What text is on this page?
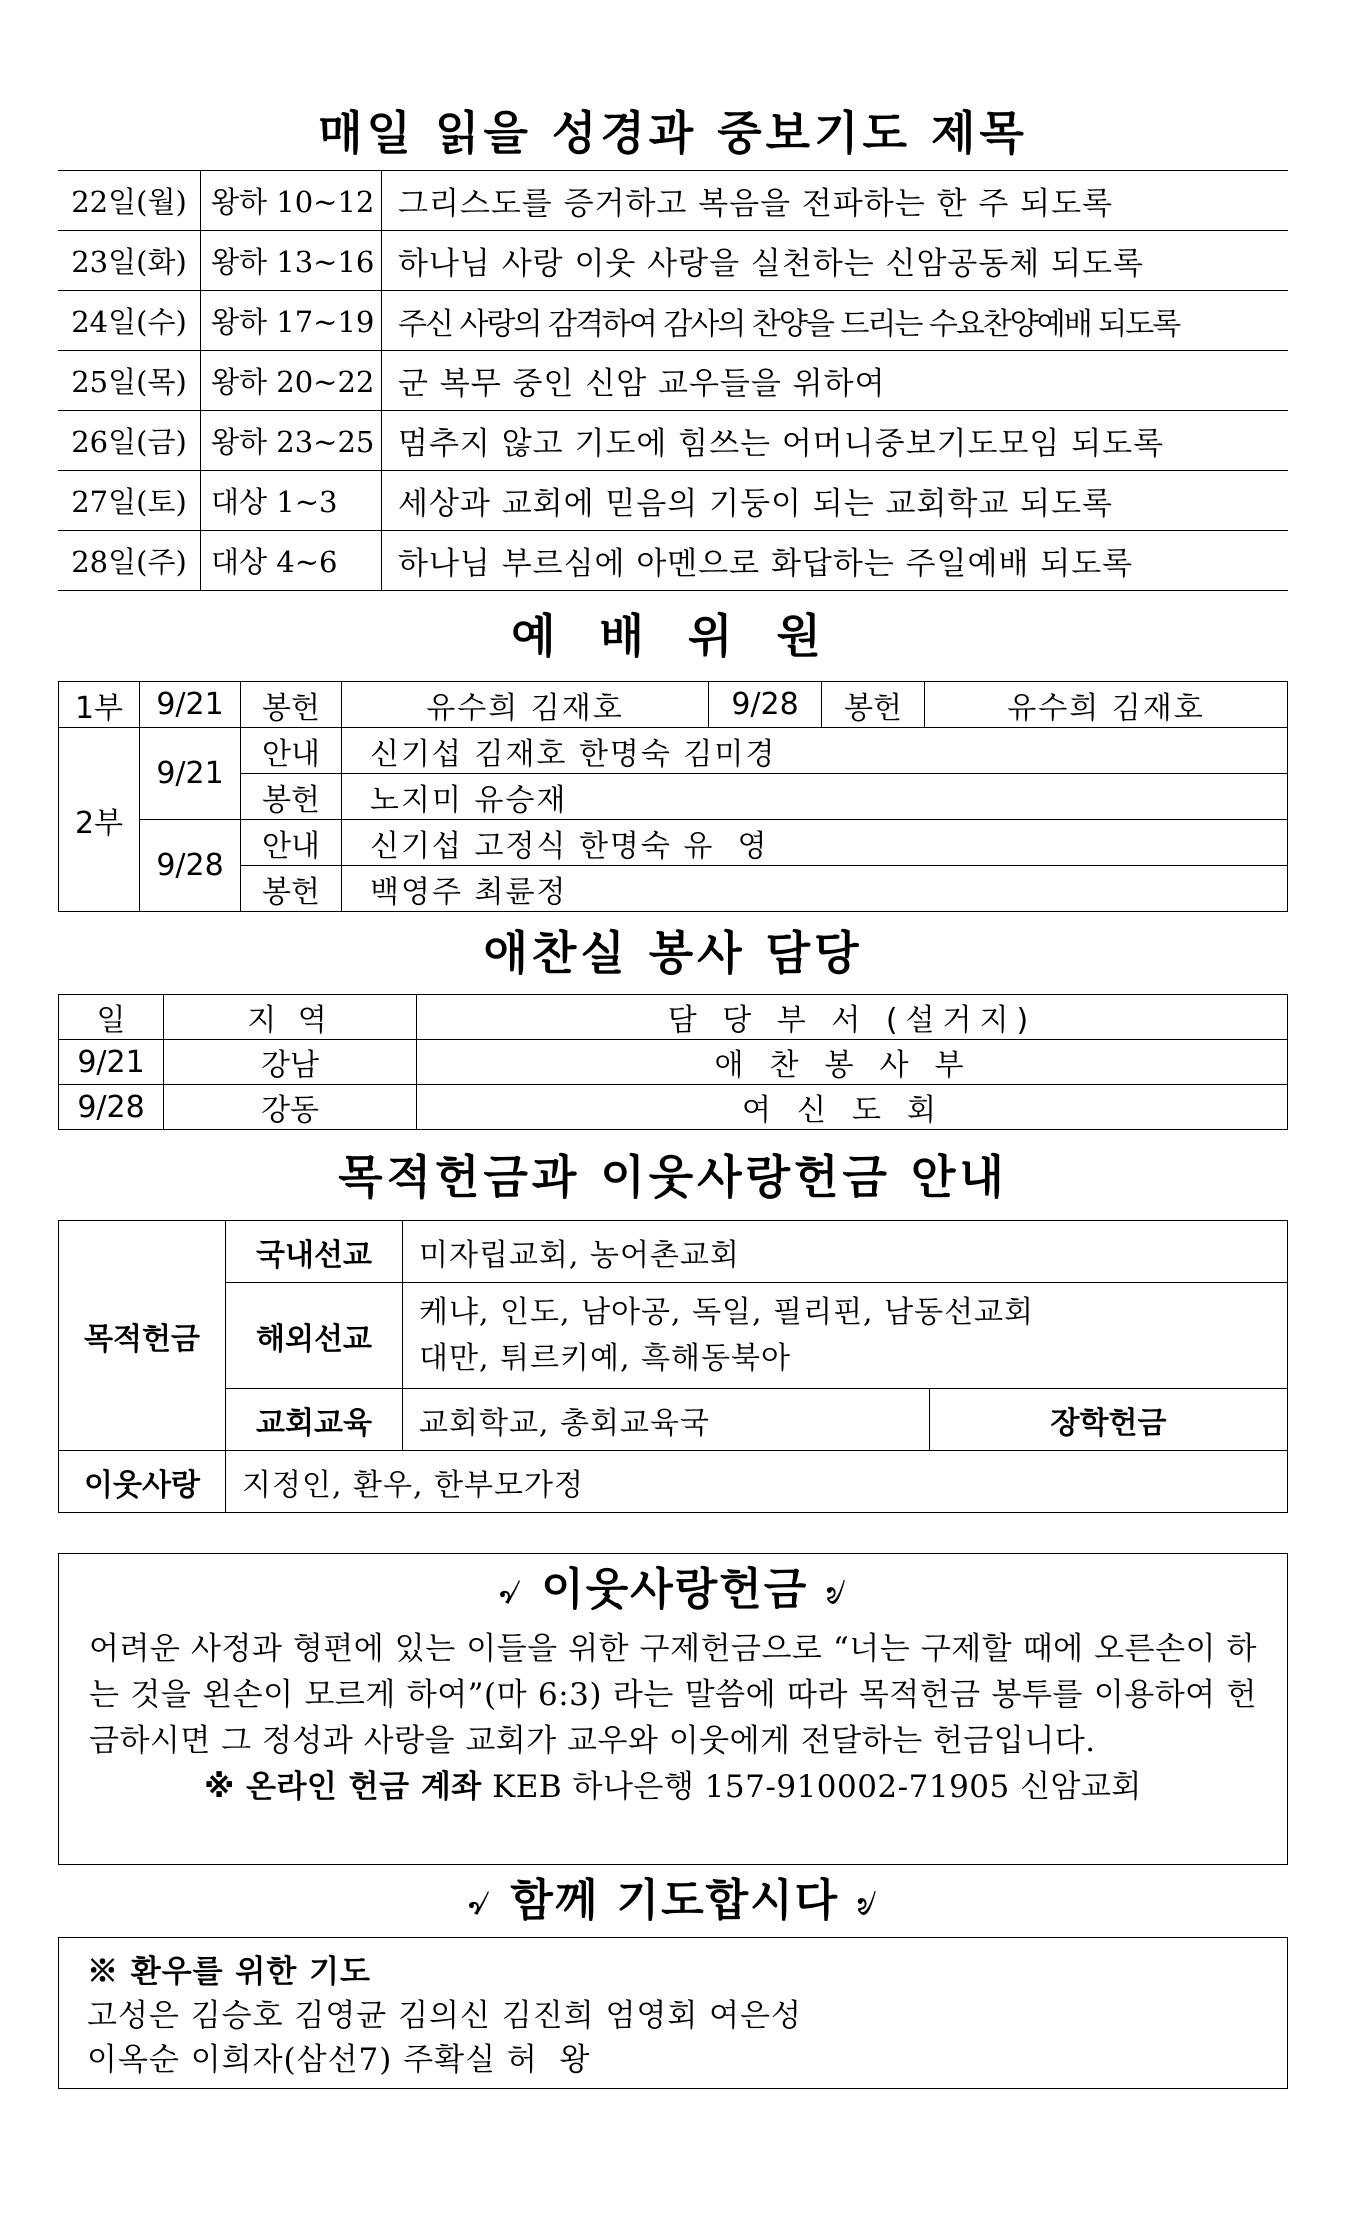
매일 읽을 성경과 중보기도 제목
22일(월)	왕하 10~12	그리스도를 증거하고 복음을 전파하는 한 주 되도록
23일(화)	왕하 13~16	하나님 사랑 이웃 사랑을 실천하는 신암공동체 되도록
24일(수)	왕하 17~19	주신 사랑의 감격하여 감사의 찬양을 드리는 수요찬양예배 되도록
25일(목)	왕하 20~22	군 복무 중인 신암 교우들을 위하여
26일(금)	왕하 23~25	멈추지 않고 기도에 힘쓰는 어머니중보기도모임 되도록
27일(토)	대상 1~3	세상과 교회에 믿음의 기둥이 되는 교회학교 되도록
28일(주)	대상 4~6	하나님 부르심에 아멘으로 화답하는 주일예배 되도록
예 배 위 원
1부	9/21	봉헌	유수희 김재호	9/28	봉헌	유수희 김재호
2부	9/21	안내	신기섭 김재호 한명숙 김미경			
		봉헌	노지미 유승재			
	9/28	안내	신기섭 고정식 한명숙 유  영			
		봉헌	백영주 최륜정			
애찬실 봉사 담당
일	지 역	담 당 부 서 (설거지)
9/21	강남	애찬봉사부
9/28	강동	여신도회
목적헌금과 이웃사랑헌금 안내
목적헌금	국내선교	미자립교회, 농어촌교회	
	해외선교	케냐, 인도, 남아공, 독일, 필리핀, 남동선교회
대만, 튀르키예, 흑해동북아	

	교회교육	교회학교, 총회교육국	장학헌금
이웃사랑	지정인, 환우, 한부모가정		
৵ 이웃사랑헌금 ৶
어려운 사정과 형편에 있는 이들을 위한 구제헌금으로 “너는 구제할 때에 오른손이 하는 것을 왼손이 모르게 하여”(마 6:3) 라는 말씀에 따라 목적헌금 봉투를 이용하여 헌금하시면 그 정성과 사랑을 교회가 교우와 이웃에게 전달하는 헌금입니다.
※ 온라인 헌금 계좌 KEB 하나은행 157-910002-71905 신암교회
৵ 함께 기도합시다 ৶
※ 환우를 위한 기도
고성은 김승호 김영균 김의신 김진희 엄영회 여은성
이옥순 이희자(삼선7) 주확실 허  왕
